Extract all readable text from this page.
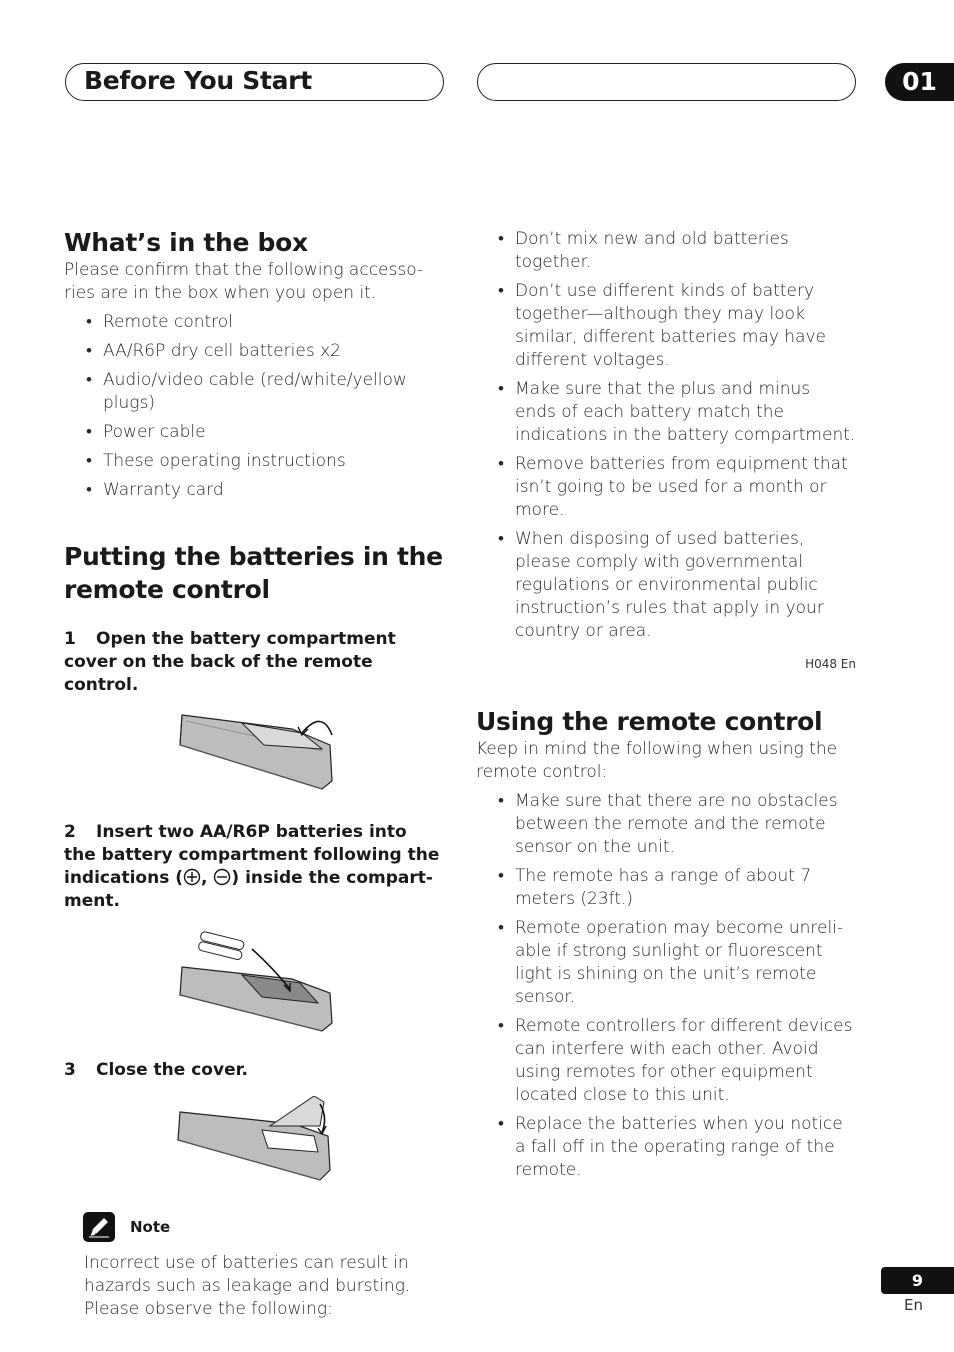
Before You Start	01
What’s in the box

Please confirm that the following accesso-ries are in the box when you open it.

• Remote control
• AA/R6P dry cell batteries x2
• Audio/video cable (red/white/yellow plugs)
• Power cable
• These operating instructions
• Warranty card
Putting the batteries in the remote control

1 Open the battery compartment cover on the back of the remote control.

2 Insert two AA/R6P batteries into the battery compartment following the indications ( , ) inside the compart-ment.

3 Close the cover.

Note

Incorrect use of batteries can result in hazards such as leakage and bursting. Please observe the following:

• Don’t mix new and old batteries together.
• Don’t use different kinds of battery together—although they may look similar, different batteries may have different voltages.
• Make sure that the plus and minus ends of each battery match the indications in the battery compartment.
• Remove batteries from equipment that isn’t going to be used for a month or more.
• When disposing of used batteries, please comply with governmental regulations or environmental public instruction’s rules that apply in your country or area.
H048 En
Using the remote control

Keep in mind the following when using the remote control:

• Make sure that there are no obstacles between the remote and the remote sensor on the unit.
• The remote has a range of about 7 meters (23ft.)
• Remote operation may become unreli-able if strong sunlight or fluorescent light is shining on the unit’s remote sensor.
• Remote controllers for different devices can interfere with each other. Avoid using remotes for other equipment located close to this unit.
• Replace the batteries when you notice a fall off in the operating range of the remote.
9
En
